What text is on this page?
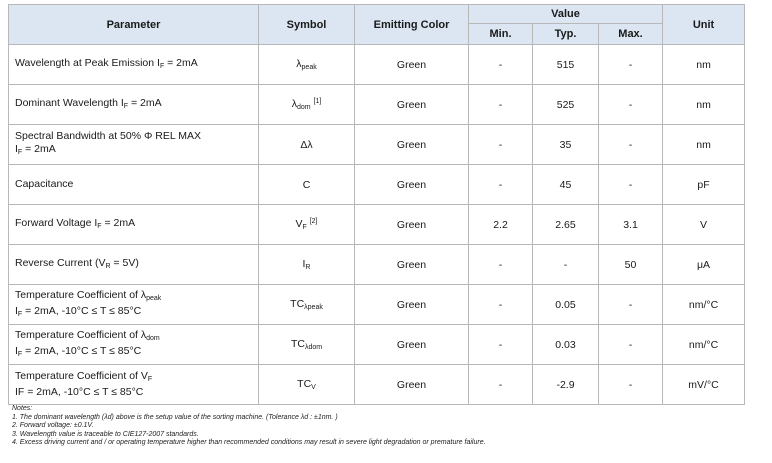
Parameter	Symbol	Emitting Color	Value			Unit
			Min.	Typ.	Max.	
Wavelength at Peak Emission $I_F = 2mA$	$\lambda_{peak}$	Green	-	515	-	nm
Dominant Wavelength $I_F = 2mA$	$\lambda_{dom}$ [1]	Green	-	525	-	nm
Spectral Bandwidth at 50% Φ REL MAX
$I_F = 2mA$	Δλ	Green	-	35	-	nm
Capacitance	C	Green	-	45	-	pF
Forward Voltage $I_F = 2mA$	$V_F$ [2]	Green	2.2	2.65	3.1	V
Reverse Current $(V_R = 5V)$	$I_R$	Green	-	-	50	μA
Temperature Coefficient of $\lambda_{peak}$
$I_F = 2mA$, -10°C ≤ T ≤ 85°C	$TC_{\lambda peak}$	Green	-	0.05	-	nm/°C
Temperature Coefficient of $\lambda_{dom}$
$I_F = 2mA$, -10°C ≤ T ≤ 85°C	$TC_{\lambda dom}$	Green	-	0.03	-	nm/°C
Temperature Coefficient of $V_F$
IF = 2mA, -10°C ≤ T ≤ 85°C	$TC_V$	Green	-	-2.9	-	mV/°C
Notes:
1. The dominant wavelength (λd) above is the setup value of the sorting machine. (Tolerance λd : ±1nm. )
2. Forward voltage: ±0.1V.
3. Wavelength value is traceable to CIE127-2007 standards.
4. Excess driving current and / or operating temperature higher than recommended conditions may result in severe light degradation or premature failure.
